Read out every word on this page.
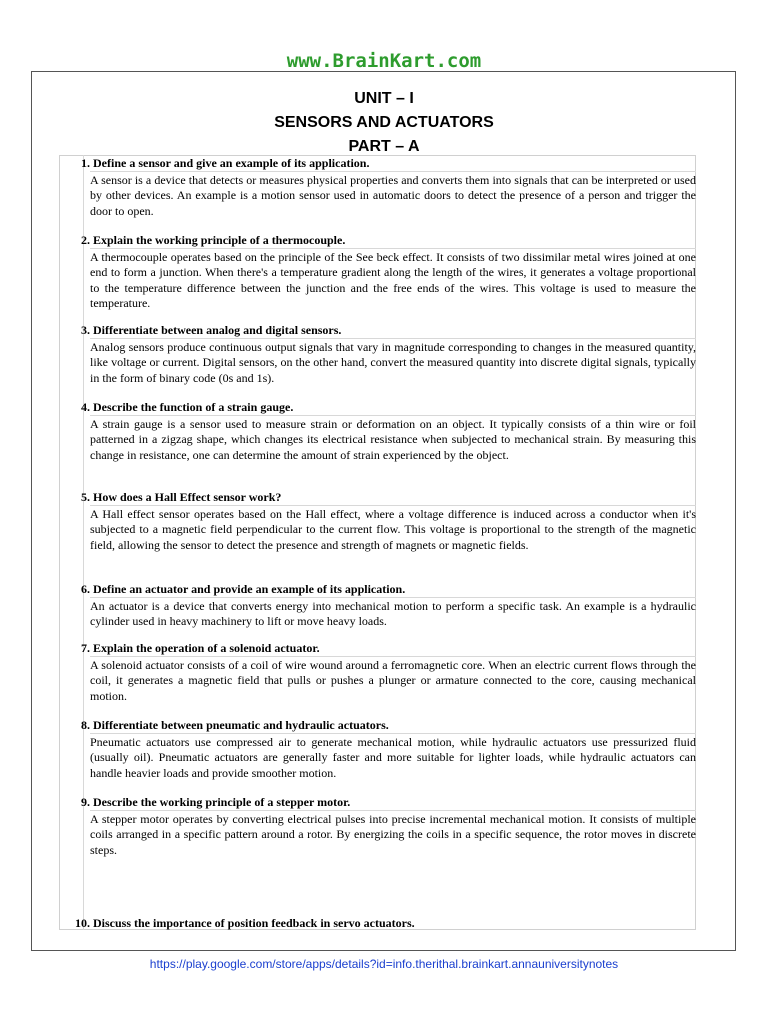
www.BrainKart.com
UNIT – I
SENSORS AND ACTUATORS
PART – A
1.
Define a sensor and give an example of its application.
A sensor is a device that detects or measures physical properties and converts them into signals that can be interpreted or used by other devices. An example is a motion sensor used in automatic doors to detect the presence of a person and trigger the door to open.
2.
Explain the working principle of a thermocouple.
A thermocouple operates based on the principle of the See beck effect. It consists of two dissimilar metal wires joined at one end to form a junction. When there's a temperature gradient along the length of the wires, it generates a voltage proportional to the temperature difference between the junction and the free ends of the wires. This voltage is used to measure the temperature.
3.
Differentiate between analog and digital sensors.
Analog sensors produce continuous output signals that vary in magnitude corresponding to changes in the measured quantity, like voltage or current. Digital sensors, on the other hand, convert the measured quantity into discrete digital signals, typically in the form of binary code (0s and 1s).
4.
Describe the function of a strain gauge.
A strain gauge is a sensor used to measure strain or deformation on an object. It typically consists of a thin wire or foil patterned in a zigzag shape, which changes its electrical resistance when subjected to mechanical strain. By measuring this change in resistance, one can determine the amount of strain experienced by the object.
5.
How does a Hall Effect sensor work?
A Hall effect sensor operates based on the Hall effect, where a voltage difference is induced across a conductor when it's subjected to a magnetic field perpendicular to the current flow. This voltage is proportional to the strength of the magnetic field, allowing the sensor to detect the presence and strength of magnets or magnetic fields.
6.
Define an actuator and provide an example of its application.
An actuator is a device that converts energy into mechanical motion to perform a specific task. An example is a hydraulic cylinder used in heavy machinery to lift or move heavy loads.
7.
Explain the operation of a solenoid actuator.
A solenoid actuator consists of a coil of wire wound around a ferromagnetic core. When an electric current flows through the coil, it generates a magnetic field that pulls or pushes a plunger or armature connected to the core, causing mechanical motion.
8.
Differentiate between pneumatic and hydraulic actuators.
Pneumatic actuators use compressed air to generate mechanical motion, while hydraulic actuators use pressurized fluid (usually oil). Pneumatic actuators are generally faster and more suitable for lighter loads, while hydraulic actuators can handle heavier loads and provide smoother motion.
9.
Describe the working principle of a stepper motor.
A stepper motor operates by converting electrical pulses into precise incremental mechanical motion. It consists of multiple coils arranged in a specific pattern around a rotor. By energizing the coils in a specific sequence, the rotor moves in discrete steps.
10.
Discuss the importance of position feedback in servo actuators.
https://play.google.com/store/apps/details?id=info.therithal.brainkart.annauniversitynotes
